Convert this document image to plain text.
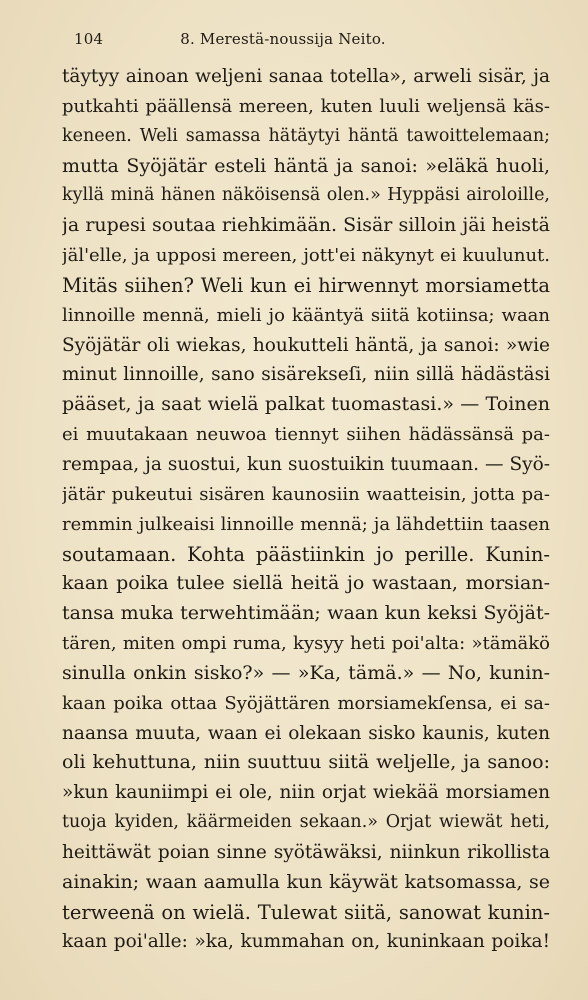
104	8. Merestä-noussija Neito.
täytyy ainoan weljeni sanaa totella», arweli sisär, ja
putkahti päällensä mereen, kuten luuli weljensä käs-
keneen. Weli samassa hätäytyi häntä tawoittelemaan;
mutta Syöjätär esteli häntä ja sanoi: »eläkä huoli,
kyllä minä hänen näköisensä olen.» Hyppäsi airoloille,
ja rupesi soutaa riehkimään. Sisär silloin jäi heistä
jäl'elle, ja upposi mereen, jott'ei näkynyt ei kuulunut.
Mitäs siihen? Weli kun ei hirwennyt morsiametta
linnoille mennä, mieli jo kääntyä siitä kotiinsa; waan
Syöjätär oli wiekas, houkutteli häntä, ja sanoi: »wie
minut linnoille, sano sisärekseſi, niin sillä hädästäsi
pääset, ja saat wielä palkat tuomastasi.» — Toinen
ei muutakaan neuwoa tiennyt siihen hädässänsä pa-
rempaa, ja suostui, kun suostuikin tuumaan. — Syö-
jätär pukeutui sisären kaunosiin waatteisin, jotta pa-
remmin julkeaisi linnoille mennä; ja lähdettiin taasen
soutamaan. Kohta päästiinkin jo perille. Kunin-
kaan poika tulee siellä heitä jo wastaan, morsian-
tansa muka terwehtimään; waan kun keksi Syöjät-
tären, miten ompi ruma, kysyy heti poi'alta: »tämäkö
sinulla onkin sisko?» — »Ka, tämä.» — No, kunin-
kaan poika ottaa Syöjättären morsiamekſensa, ei sa-
naansa muuta, waan ei olekaan sisko kaunis, kuten
oli kehuttuna, niin suuttuu siitä weljelle, ja sanoo:
»kun kauniimpi ei ole, niin orjat wiekää morsiamen
tuoja kyiden, käärmeiden sekaan.» Orjat wiewät heti,
heittäwät poian sinne syötäwäksi, niinkun rikollista
ainakin; waan aamulla kun käywät katsomassa, se
terweenä on wielä. Tulewat siitä, sanowat kunin-
kaan poi'alle: »ka, kummahan on, kuninkaan poika!
